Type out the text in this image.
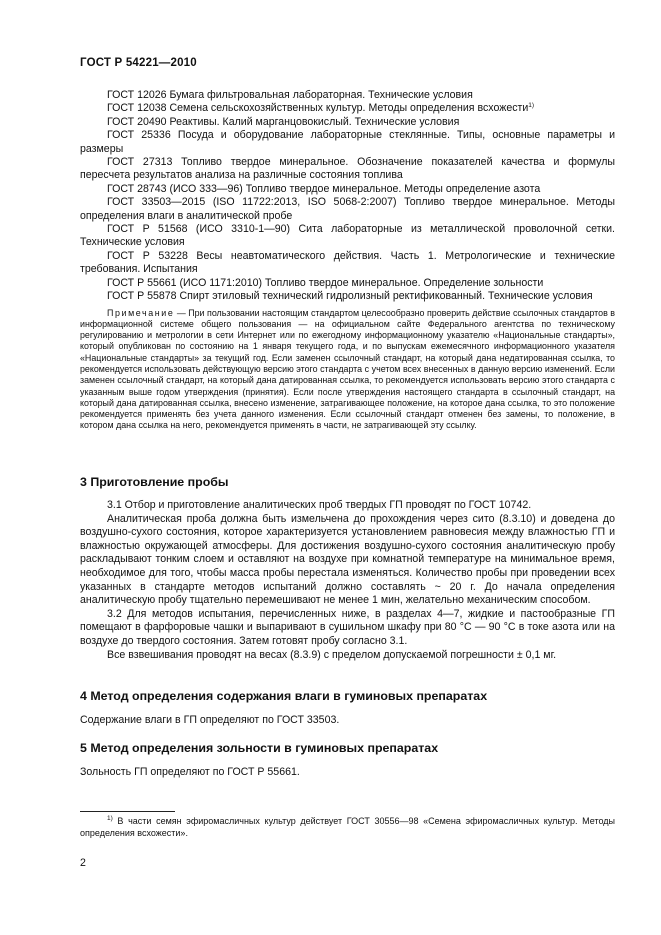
ГОСТ Р 54221—2010

ГОСТ 12026 Бумага фильтровальная лабораторная. Технические условия

ГОСТ 12038 Семена сельскохозяйственных культур. Методы определения всхожести$^{1)}$

ГОСТ 20490 Реактивы. Калий марганцовокислый. Технические условия

ГОСТ 25336 Посуда и оборудование лабораторные стеклянные. Типы, основные параметры и размеры

ГОСТ 27313 Топливо твердое минеральное. Обозначение показателей качества и формулы пересчета результатов анализа на различные состояния топлива

ГОСТ 28743 (ИСО 333—96) Топливо твердое минеральное. Методы определение азота

ГОСТ 33503—2015 (ISO 11722:2013, ISO 5068-2:2007) Топливо твердое минеральное. Методы определения влаги в аналитической пробе

ГОСТ Р 51568 (ИСО 3310-1—90) Сита лабораторные из металлической проволочной сетки. Технические условия

ГОСТ Р 53228 Весы неавтоматического действия. Часть 1. Метрологические и технические требования. Испытания

ГОСТ Р 55661 (ИСО 1171:2010) Топливо твердое минеральное. Определение зольности

ГОСТ Р 55878 Спирт этиловый технический гидролизный ректификованный. Технические условия

Примечание — При пользовании настоящим стандартом целесообразно проверить действие ссылочных стандартов в информационной системе общего пользования — на официальном сайте Федерального агентства по техническому регулированию и метрологии в сети Интернет или по ежегодному информационному указателю «Национальные стандарты», который опубликован по состоянию на 1 января текущего года, и по выпускам ежемесячного информационного указателя «Национальные стандарты» за текущий год. Если заменен ссылочный стандарт, на который дана недатированная ссылка, то рекомендуется использовать действующую версию этого стандарта с учетом всех внесенных в данную версию изменений. Если заменен ссылочный стандарт, на который дана датированная ссылка, то рекомендуется использовать версию этого стандарта с указанным выше годом утверждения (принятия). Если после утверждения настоящего стандарта в ссылочный стандарт, на который дана датированная ссылка, внесено изменение, затрагивающее положение, на которое дана ссылка, то это положение рекомендуется применять без учета данного изменения. Если ссылочный стандарт отменен без замены, то положение, в котором дана ссылка на него, рекомендуется применять в части, не затрагивающей эту ссылку.

3 Приготовление пробы

3.1 Отбор и приготовление аналитических проб твердых ГП проводят по ГОСТ 10742.

Аналитическая проба должна быть измельчена до прохождения через сито (8.3.10) и доведена до воздушно-сухого состояния, которое характеризуется установлением равновесия между влажностью ГП и влажностью окружающей атмосферы. Для достижения воздушно-сухого состояния аналитическую пробу раскладывают тонким слоем и оставляют на воздухе при комнатной температуре на минимальное время, необходимое для того, чтобы масса пробы перестала изменяться. Количество пробы при проведении всех указанных в стандарте методов испытаний должно составлять ~ 20 г. До начала определения аналитическую пробу тщательно перемешивают не менее 1 мин, желательно механическим способом.

3.2 Для методов испытания, перечисленных ниже, в разделах 4—7, жидкие и пастообразные ГП помещают в фарфоровые чашки и выпаривают в сушильном шкафу при 80 °С — 90 °С в токе азота или на воздухе до твердого состояния. Затем готовят пробу согласно 3.1.

Все взвешивания проводят на весах (8.3.9) с пределом допускаемой погрешности ± 0,1 мг.

4 Метод определения содержания влаги в гуминовых препаратах

Содержание влаги в ГП определяют по ГОСТ 33503.

5 Метод определения зольности в гуминовых препаратах

Зольность ГП определяют по ГОСТ Р 55661.

$^{1)}$ В части семян эфиромасличных культур действует ГОСТ 30556—98 «Семена эфиромасличных культур. Методы определения всхожести».
2
